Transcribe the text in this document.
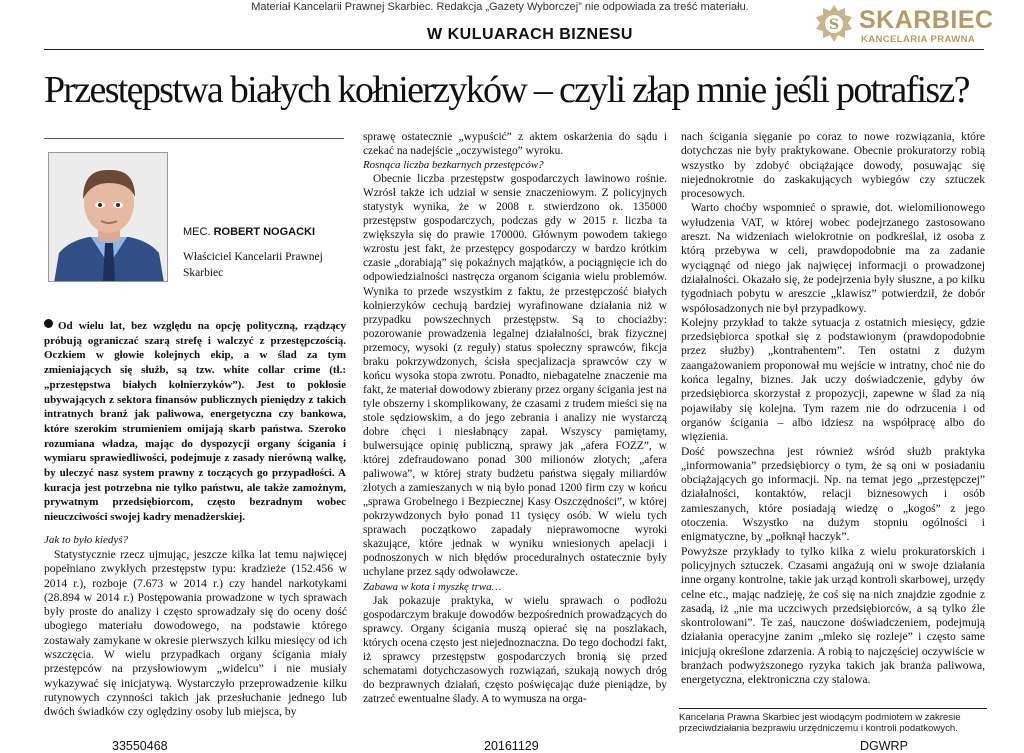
Materiał Kancelarii Prawnej Skarbiec. Redakcja „Gazety Wyborczej” nie odpowiada za treść materiału.
W KULUARACH BIZNESU
S SKARBIEC
KANCELARIA PRAWNA
Przestępstwa białych kołnierzyków – czyli złap mnie jeśli potrafisz?
MEC. ROBERT NOGACKI
Właściciel Kancelarii Prawnej Skarbiec
Od wielu lat, bez względu na opcję polityczną, rządzący próbują ograniczać szarą strefę i walczyć z przestępczością. Oczkiem w głowie kolejnych ekip, a w ślad za tym zmieniających się służb, są tzw. white collar crime (tł.: „przestępstwa białych kołnierzyków”). Jest to pokłosie ubywających z sektora finansów publicznych pieniędzy z takich intratnych branż jak paliwowa, energetyczna czy bankowa, które szerokim strumieniem omijają skarb państwa. Szeroko rozumiana władza, mając do dyspozycji organy ścigania i wymiaru sprawiedliwości, podejmuje z zasady nierówną walkę, by uleczyć nasz system prawny z toczących go przypadłości. A kuracja jest potrzebna nie tylko państwu, ale także zamożnym, prywatnym przedsiębiorcom, często bezradnym wobec nieuczciwości swojej kadry menadżerskiej.

Jak to było kiedyś?

Statystycznie rzecz ujmując, jeszcze kilka lat temu najwięcej popełniano zwykłych przestępstw typu: kradzieże (152.456 w 2014 r.), rozboje (7.673 w 2014 r.) czy handel narkotykami (28.894 w 2014 r.) Postępowania prowadzone w tych sprawach były proste do analizy i często sprowadzały się do oceny dość ubogiego materiału dowodowego, na podstawie którego zostawały zamykane w okresie pierwszych kilku miesięcy od ich wszczęcia. W wielu przypadkach organy ścigania miały przestępców na przysłowiowym „widelcu” i nie musiały wykazywać się inicjatywą. Wystarczyło przeprowadzenie kilku rutynowych czynności takich jak przesłuchanie jednego lub dwóch świadków czy oględziny osoby lub miejsca, by

sprawę ostatecznie „wypuścić” z aktem oskarżenia do sądu i czekać na nadejście „oczywistego” wyroku.

Rosnąca liczba bezkarnych przestępców?

Obecnie liczba przestępstw gospodarczych lawinowo rośnie. Wzrósł także ich udział w sensie znaczeniowym. Z policyjnych statystyk wynika, że w 2008 r. stwierdzono ok. 135000 przestępstw gospodarczych, podczas gdy w 2015 r. liczba ta zwiększyła się do prawie 170000. Głównym powodem takiego wzrostu jest fakt, że przestępcy gospodarczy w bardzo krótkim czasie „dorabiają” się pokaźnych majątków, a pociągnięcie ich do odpowiedzialności nastręcza organom ścigania wielu problemów. Wynika to przede wszystkim z faktu, że przestępczość białych kołnierzyków cechują bardziej wyrafinowane działania niż w przypadku powszechnych przestępstw. Są to chociażby: pozorowanie prowadzenia legalnej działalności, brak fizycznej przemocy, wysoki (z reguły) status społeczny sprawców, fikcja braku pokrzywdzonych, ścisła specjalizacja sprawców czy w końcu wysoka stopa zwrotu. Ponadto, niebagatelne znaczenie ma fakt, że materiał dowodowy zbierany przez organy ścigania jest na tyle obszerny i skomplikowany, że czasami z trudem mieści się na stole sędziowskim, a do jego zebrania i analizy nie wystarczą dobre chęci i niesłabnący zapał. Wszyscy pamiętamy, bulwersujące opinię publiczną, sprawy jak „afera FOZZ”, w której zdefraudowano ponad 300 milionów złotych; „afera paliwowa”, w której straty budżetu państwa sięgały miliardów złotych a zamieszanych w nią było ponad 1200 firm czy w końcu „sprawa Grobelnego i Bezpiecznej Kasy Oszczędności”, w której pokrzywdzonych było ponad 11 tysięcy osób. W wielu tych sprawach początkowo zapadały nieprawomocne wyroki skazujące, które jednak w wyniku wniesionych apelacji i podnoszonych w nich błędów proceduralnych ostatecznie były uchylane przez sądy odwoławcze.

Zabawa w kota i myszkę trwa…

Jak pokazuje praktyka, w wielu sprawach o podłożu gospodarczym brakuje dowodów bezpośrednich prowadzących do sprawcy. Organy ścigania muszą opierać się na poszlakach, których ocena często jest niejednoznaczna. Do tego dochodzi fakt, iż sprawcy przestępstw gospodarczych bronią się przed schematami dotychczasowych rozwiązań, szukają nowych dróg do bezprawnych działań, często poświęcając duże pieniądze, by zatrzeć ewentualne ślady. A to wymusza na orga-

nach ścigania sięganie po coraz to nowe rozwiązania, które dotychczas nie były praktykowane. Obecnie prokuratorzy robią wszystko by zdobyć obciążające dowody, posuwając się niejednokrotnie do zaskakujących wybiegów czy sztuczek procesowych.

Warto choćby wspomnieć o sprawie, dot. wielomilionowego wyłudzenia VAT, w której wobec podejrzanego zastosowano areszt. Na widzeniach wielokrotnie on podkreślał, iż osoba z którą przebywa w celi, prawdopodobnie ma za zadanie wyciągnąć od niego jak najwięcej informacji o prowadzonej działalności. Okazało się, że podejrzenia były słuszne, a po kilku tygodniach pobytu w areszcie „klawisz” potwierdził, że dobór współosadzonych nie był przypadkowy.

Kolejny przykład to także sytuacja z ostatnich miesięcy, gdzie przedsiębiorca spotkał się z podstawionym (prawdopodobnie przez służby) „kontrahentem”. Ten ostatni z dużym zaangażowaniem proponował mu wejście w intratny, choć nie do końca legalny, biznes. Jak uczy doświadczenie, gdyby ów przedsiębiorca skorzystał z propozycji, zapewne w ślad za nią pojawiłaby się kolejna. Tym razem nie do odrzucenia i od organów ścigania – albo idziesz na współpracę albo do więzienia.

Dość powszechna jest również wśród służb praktyka „informowania” przedsiębiorcy o tym, że są oni w posiadaniu obciążających go informacji. Np. na temat jego „przestępczej” działalności, kontaktów, relacji biznesowych i osób zamieszanych, które posiadają wiedzę o „kogoś” z jego otoczenia. Wszystko na dużym stopniu ogólności i enigmatyczne, by „połknął haczyk”.

Powyższe przykłady to tylko kilka z wielu prokuratorskich i policyjnych sztuczek. Czasami angażują oni w swoje działania inne organy kontrolne, takie jak urząd kontroli skarbowej, urzędy celne etc., mając nadzieję, że coś się na nich znajdzie zgodnie z zasadą, iż „nie ma uczciwych przedsiębiorców, a są tylko źle skontrolowani”. Te zaś, nauczone doświadczeniem, podejmują działania operacyjne zanim „mleko się rozleje” i często same inicjują określone zdarzenia. A robią to najczęściej oczywiście w branżach podwyższonego ryzyka takich jak branża paliwowa, energetyczna, elektroniczna czy stalowa.

Kancelaria Prawna Skarbiec jest wiodącym podmiotem w zakresie przeciwdziałania bezprawiu urzędniczemu i kontroli podatkowych.
33550468	20161129	DGWRP
